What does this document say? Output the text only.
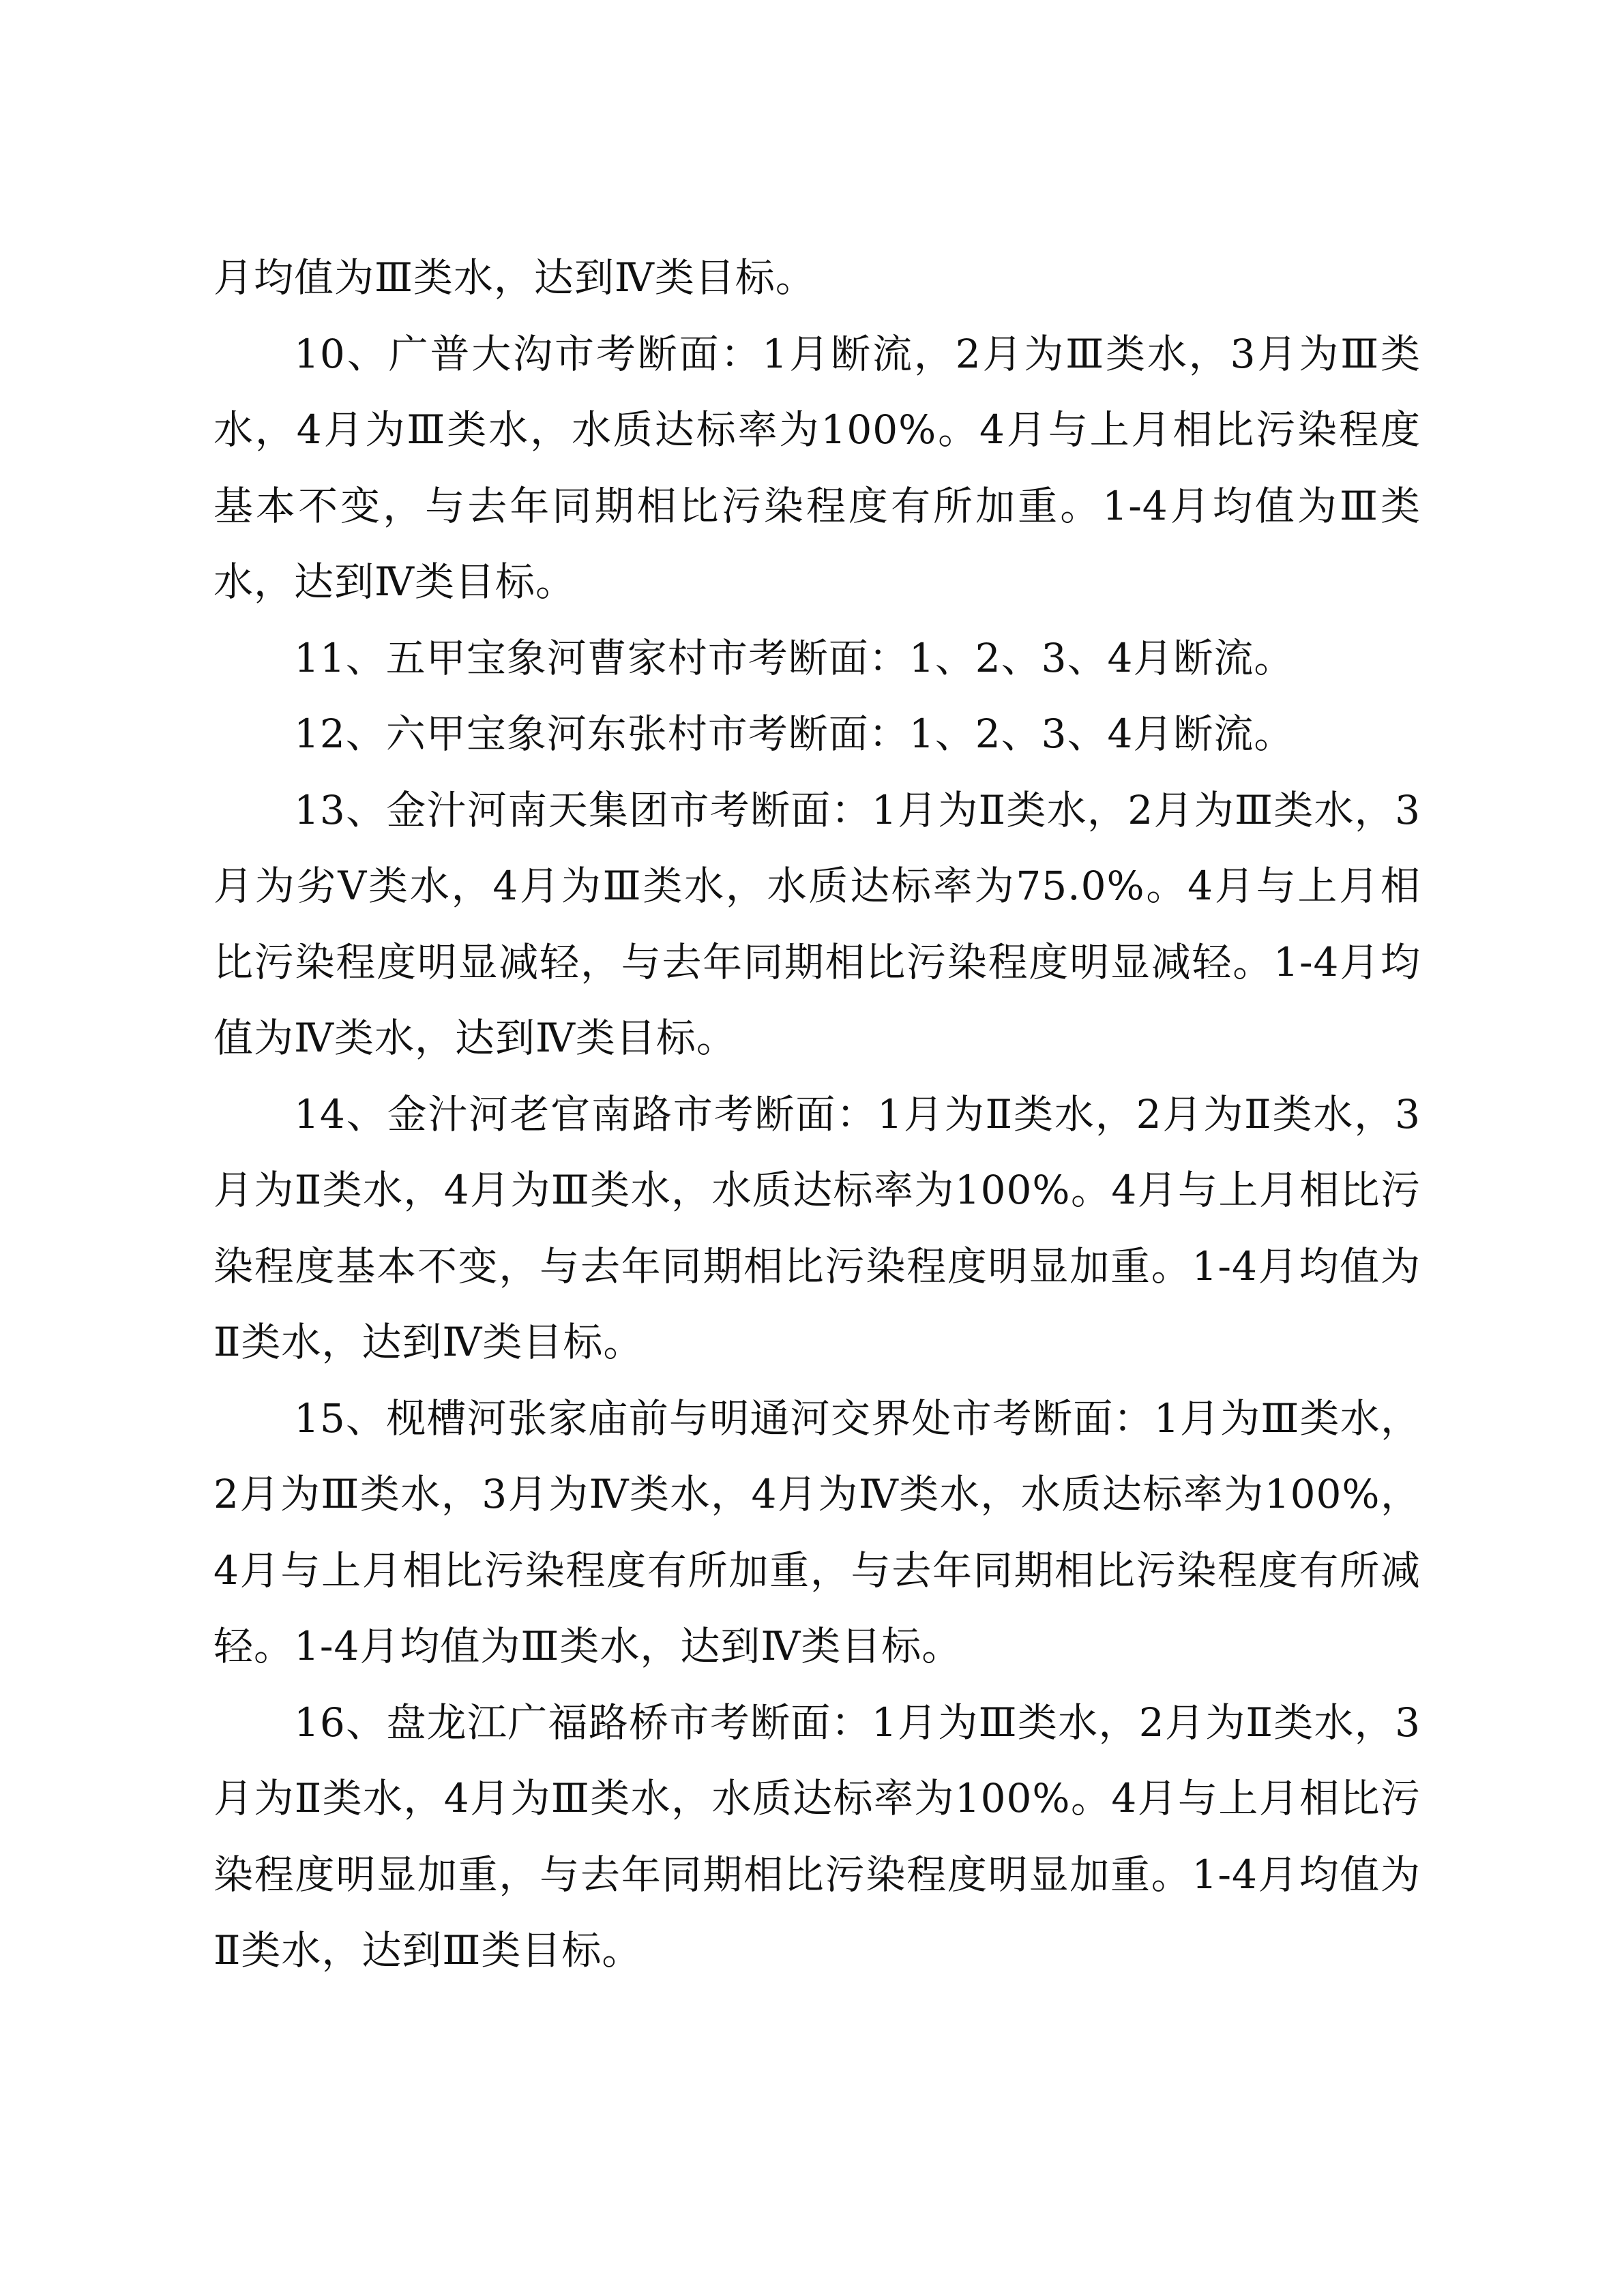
月均值为Ⅲ类水，达到Ⅳ类目标。

10、广普大沟市考断面：1月断流，2月为Ⅲ类水，3月为Ⅲ类水，4月为Ⅲ类水，水质达标率为100%。4月与上月相比污染程度基本不变，与去年同期相比污染程度有所加重。1-4月均值为Ⅲ类水，达到Ⅳ类目标。

11、五甲宝象河曹家村市考断面：1、2、3、4月断流。

12、六甲宝象河东张村市考断面：1、2、3、4月断流。

13、金汁河南天集团市考断面：1月为Ⅱ类水，2月为Ⅲ类水，3月为劣Ⅴ类水，4月为Ⅲ类水，水质达标率为75.0%。4月与上月相比污染程度明显减轻，与去年同期相比污染程度明显减轻。1-4月均值为Ⅳ类水，达到Ⅳ类目标。

14、金汁河老官南路市考断面：1月为Ⅱ类水，2月为Ⅱ类水，3月为Ⅱ类水，4月为Ⅲ类水，水质达标率为100%。4月与上月相比污染程度基本不变，与去年同期相比污染程度明显加重。1-4月均值为Ⅱ类水，达到Ⅳ类目标。

15、枧槽河张家庙前与明通河交界处市考断面：1月为Ⅲ类水，2月为Ⅲ类水，3月为Ⅳ类水，4月为Ⅳ类水，水质达标率为100%，4月与上月相比污染程度有所加重，与去年同期相比污染程度有所减轻。1-4月均值为Ⅲ类水，达到Ⅳ类目标。

16、盘龙江广福路桥市考断面：1月为Ⅲ类水，2月为Ⅱ类水，3月为Ⅱ类水，4月为Ⅲ类水，水质达标率为100%。4月与上月相比污染程度明显加重，与去年同期相比污染程度明显加重。1-4月均值为Ⅱ类水，达到Ⅲ类目标。
